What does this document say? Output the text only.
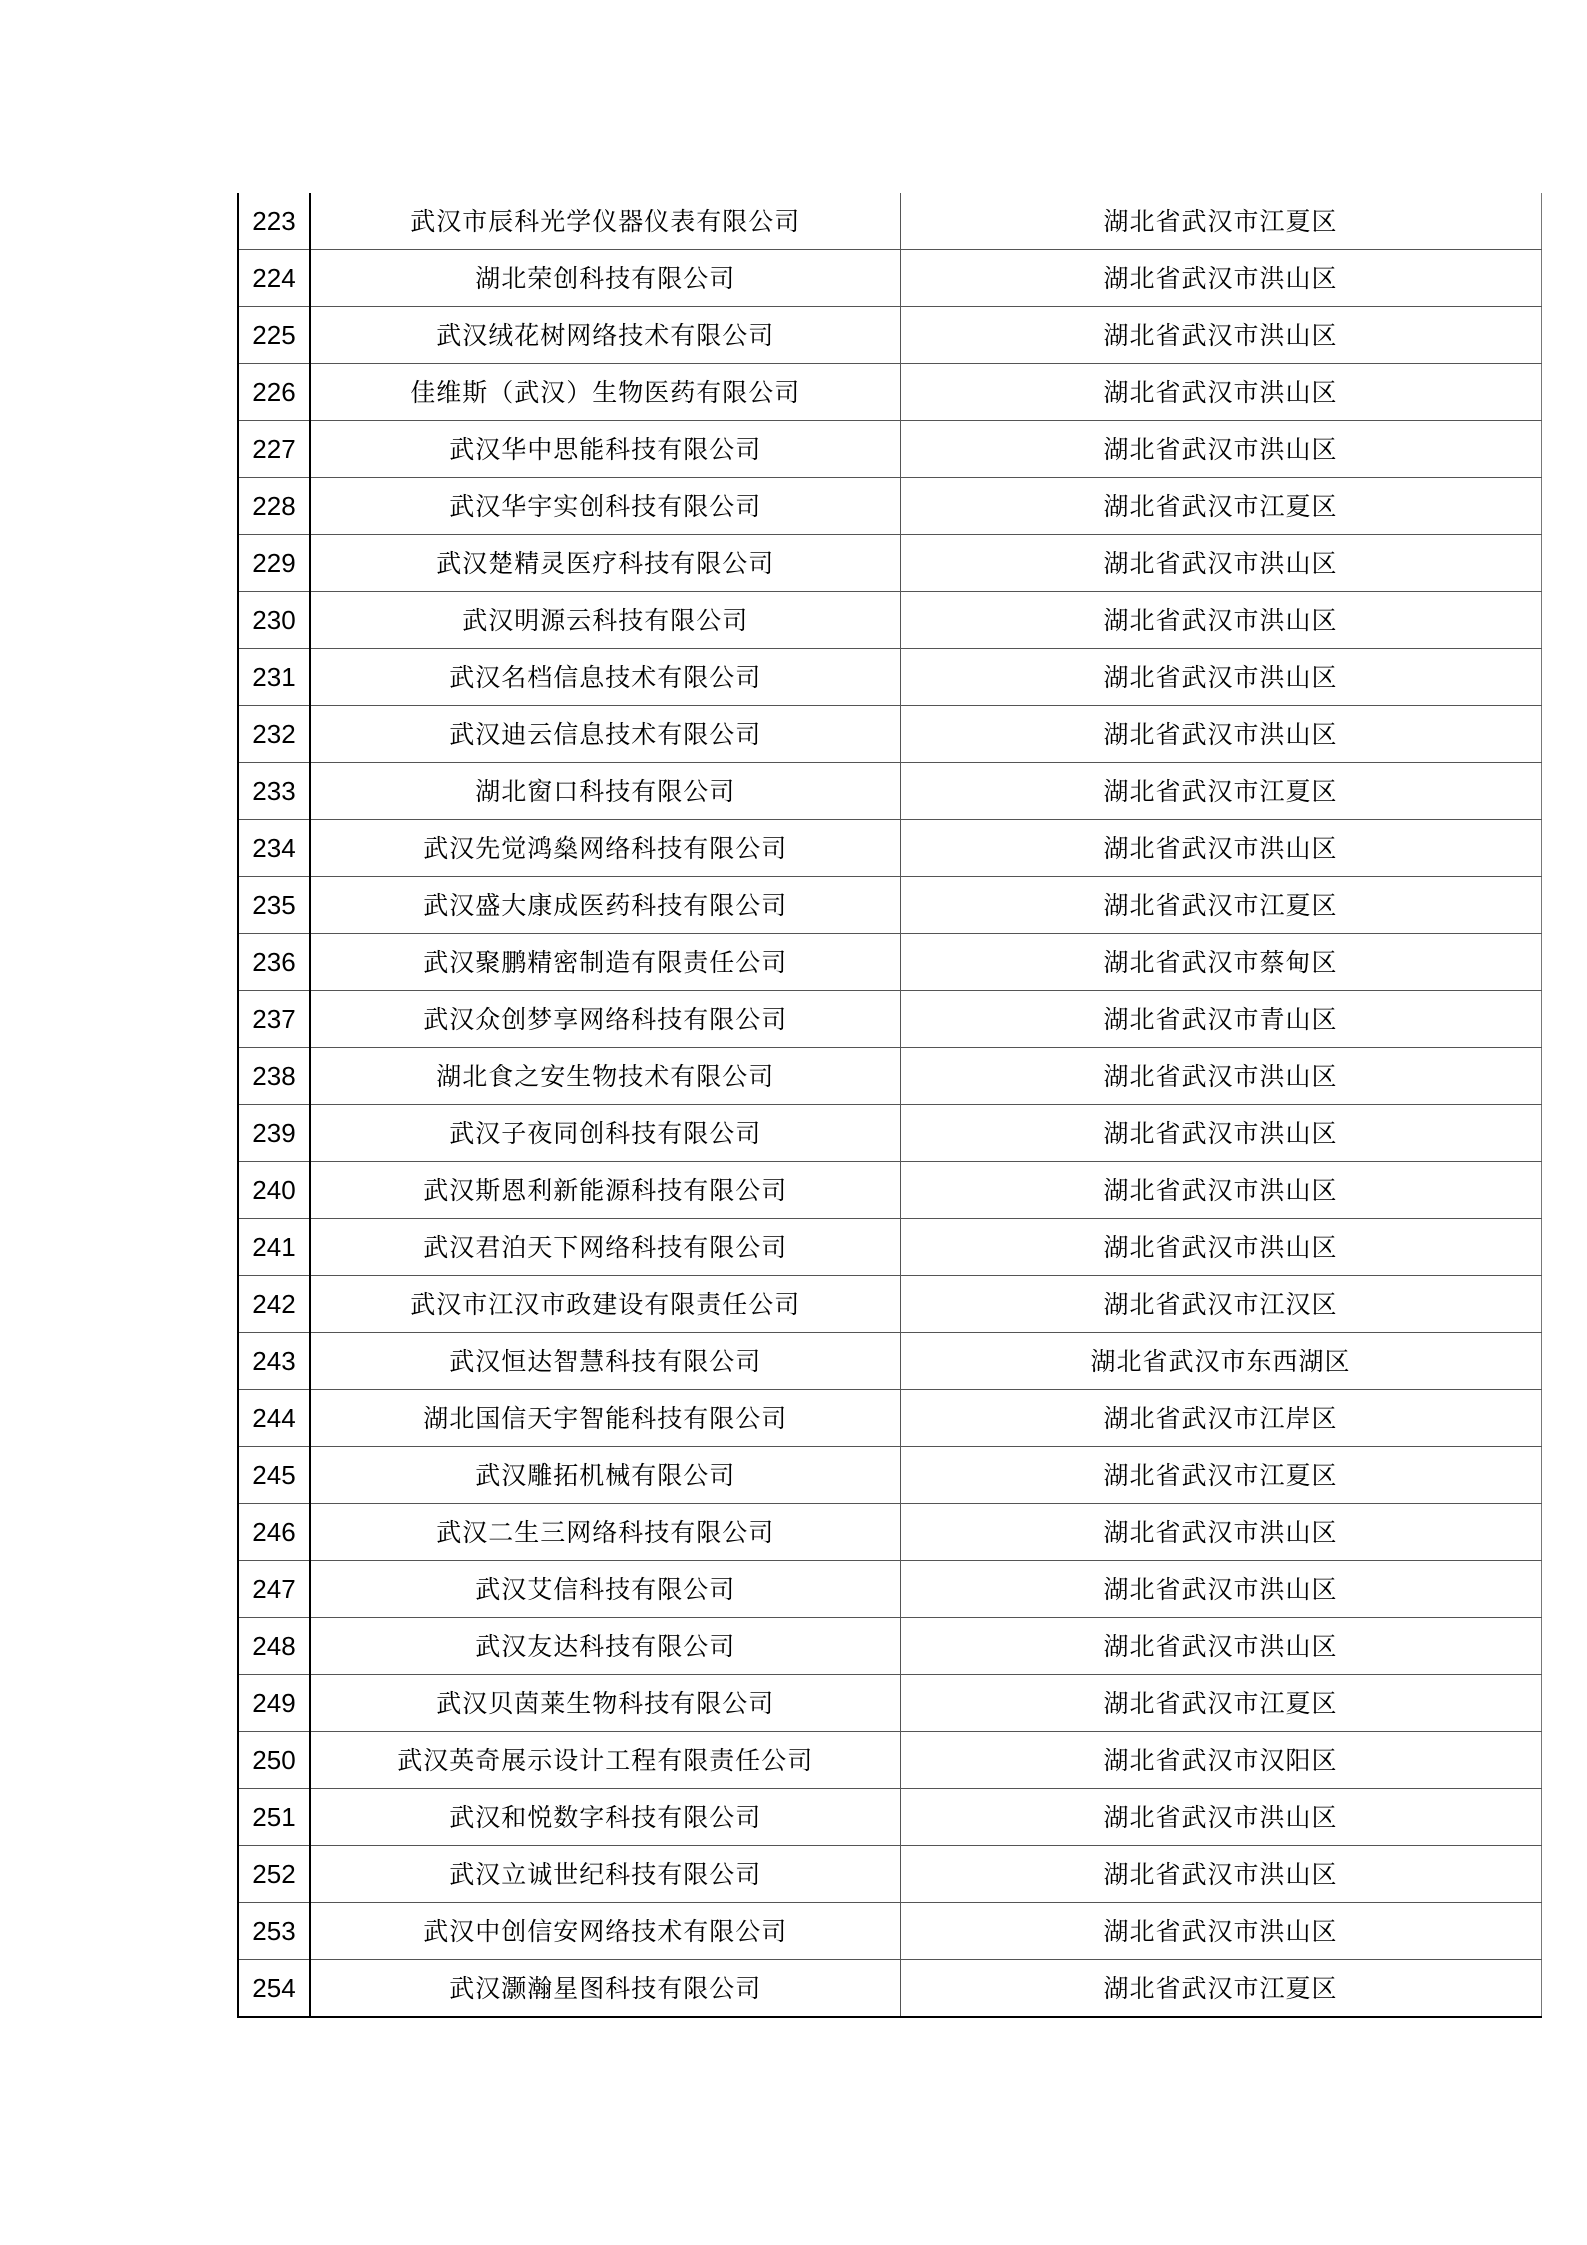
223	武汉市辰科光学仪器仪表有限公司	湖北省武汉市江夏区
224	湖北荣创科技有限公司	湖北省武汉市洪山区
225	武汉绒花树网络技术有限公司	湖北省武汉市洪山区
226	佳维斯（武汉）生物医药有限公司	湖北省武汉市洪山区
227	武汉华中思能科技有限公司	湖北省武汉市洪山区
228	武汉华宇实创科技有限公司	湖北省武汉市江夏区
229	武汉楚精灵医疗科技有限公司	湖北省武汉市洪山区
230	武汉明源云科技有限公司	湖北省武汉市洪山区
231	武汉名档信息技术有限公司	湖北省武汉市洪山区
232	武汉迪云信息技术有限公司	湖北省武汉市洪山区
233	湖北窗口科技有限公司	湖北省武汉市江夏区
234	武汉先觉鸿燊网络科技有限公司	湖北省武汉市洪山区
235	武汉盛大康成医药科技有限公司	湖北省武汉市江夏区
236	武汉聚鹏精密制造有限责任公司	湖北省武汉市蔡甸区
237	武汉众创梦享网络科技有限公司	湖北省武汉市青山区
238	湖北食之安生物技术有限公司	湖北省武汉市洪山区
239	武汉子夜同创科技有限公司	湖北省武汉市洪山区
240	武汉斯恩利新能源科技有限公司	湖北省武汉市洪山区
241	武汉君泊天下网络科技有限公司	湖北省武汉市洪山区
242	武汉市江汉市政建设有限责任公司	湖北省武汉市江汉区
243	武汉恒达智慧科技有限公司	湖北省武汉市东西湖区
244	湖北国信天宇智能科技有限公司	湖北省武汉市江岸区
245	武汉雕拓机械有限公司	湖北省武汉市江夏区
246	武汉二生三网络科技有限公司	湖北省武汉市洪山区
247	武汉艾信科技有限公司	湖北省武汉市洪山区
248	武汉友达科技有限公司	湖北省武汉市洪山区
249	武汉贝茵莱生物科技有限公司	湖北省武汉市江夏区
250	武汉英奇展示设计工程有限责任公司	湖北省武汉市汉阳区
251	武汉和悦数字科技有限公司	湖北省武汉市洪山区
252	武汉立诚世纪科技有限公司	湖北省武汉市洪山区
253	武汉中创信安网络技术有限公司	湖北省武汉市洪山区
254	武汉灏瀚星图科技有限公司	湖北省武汉市江夏区
